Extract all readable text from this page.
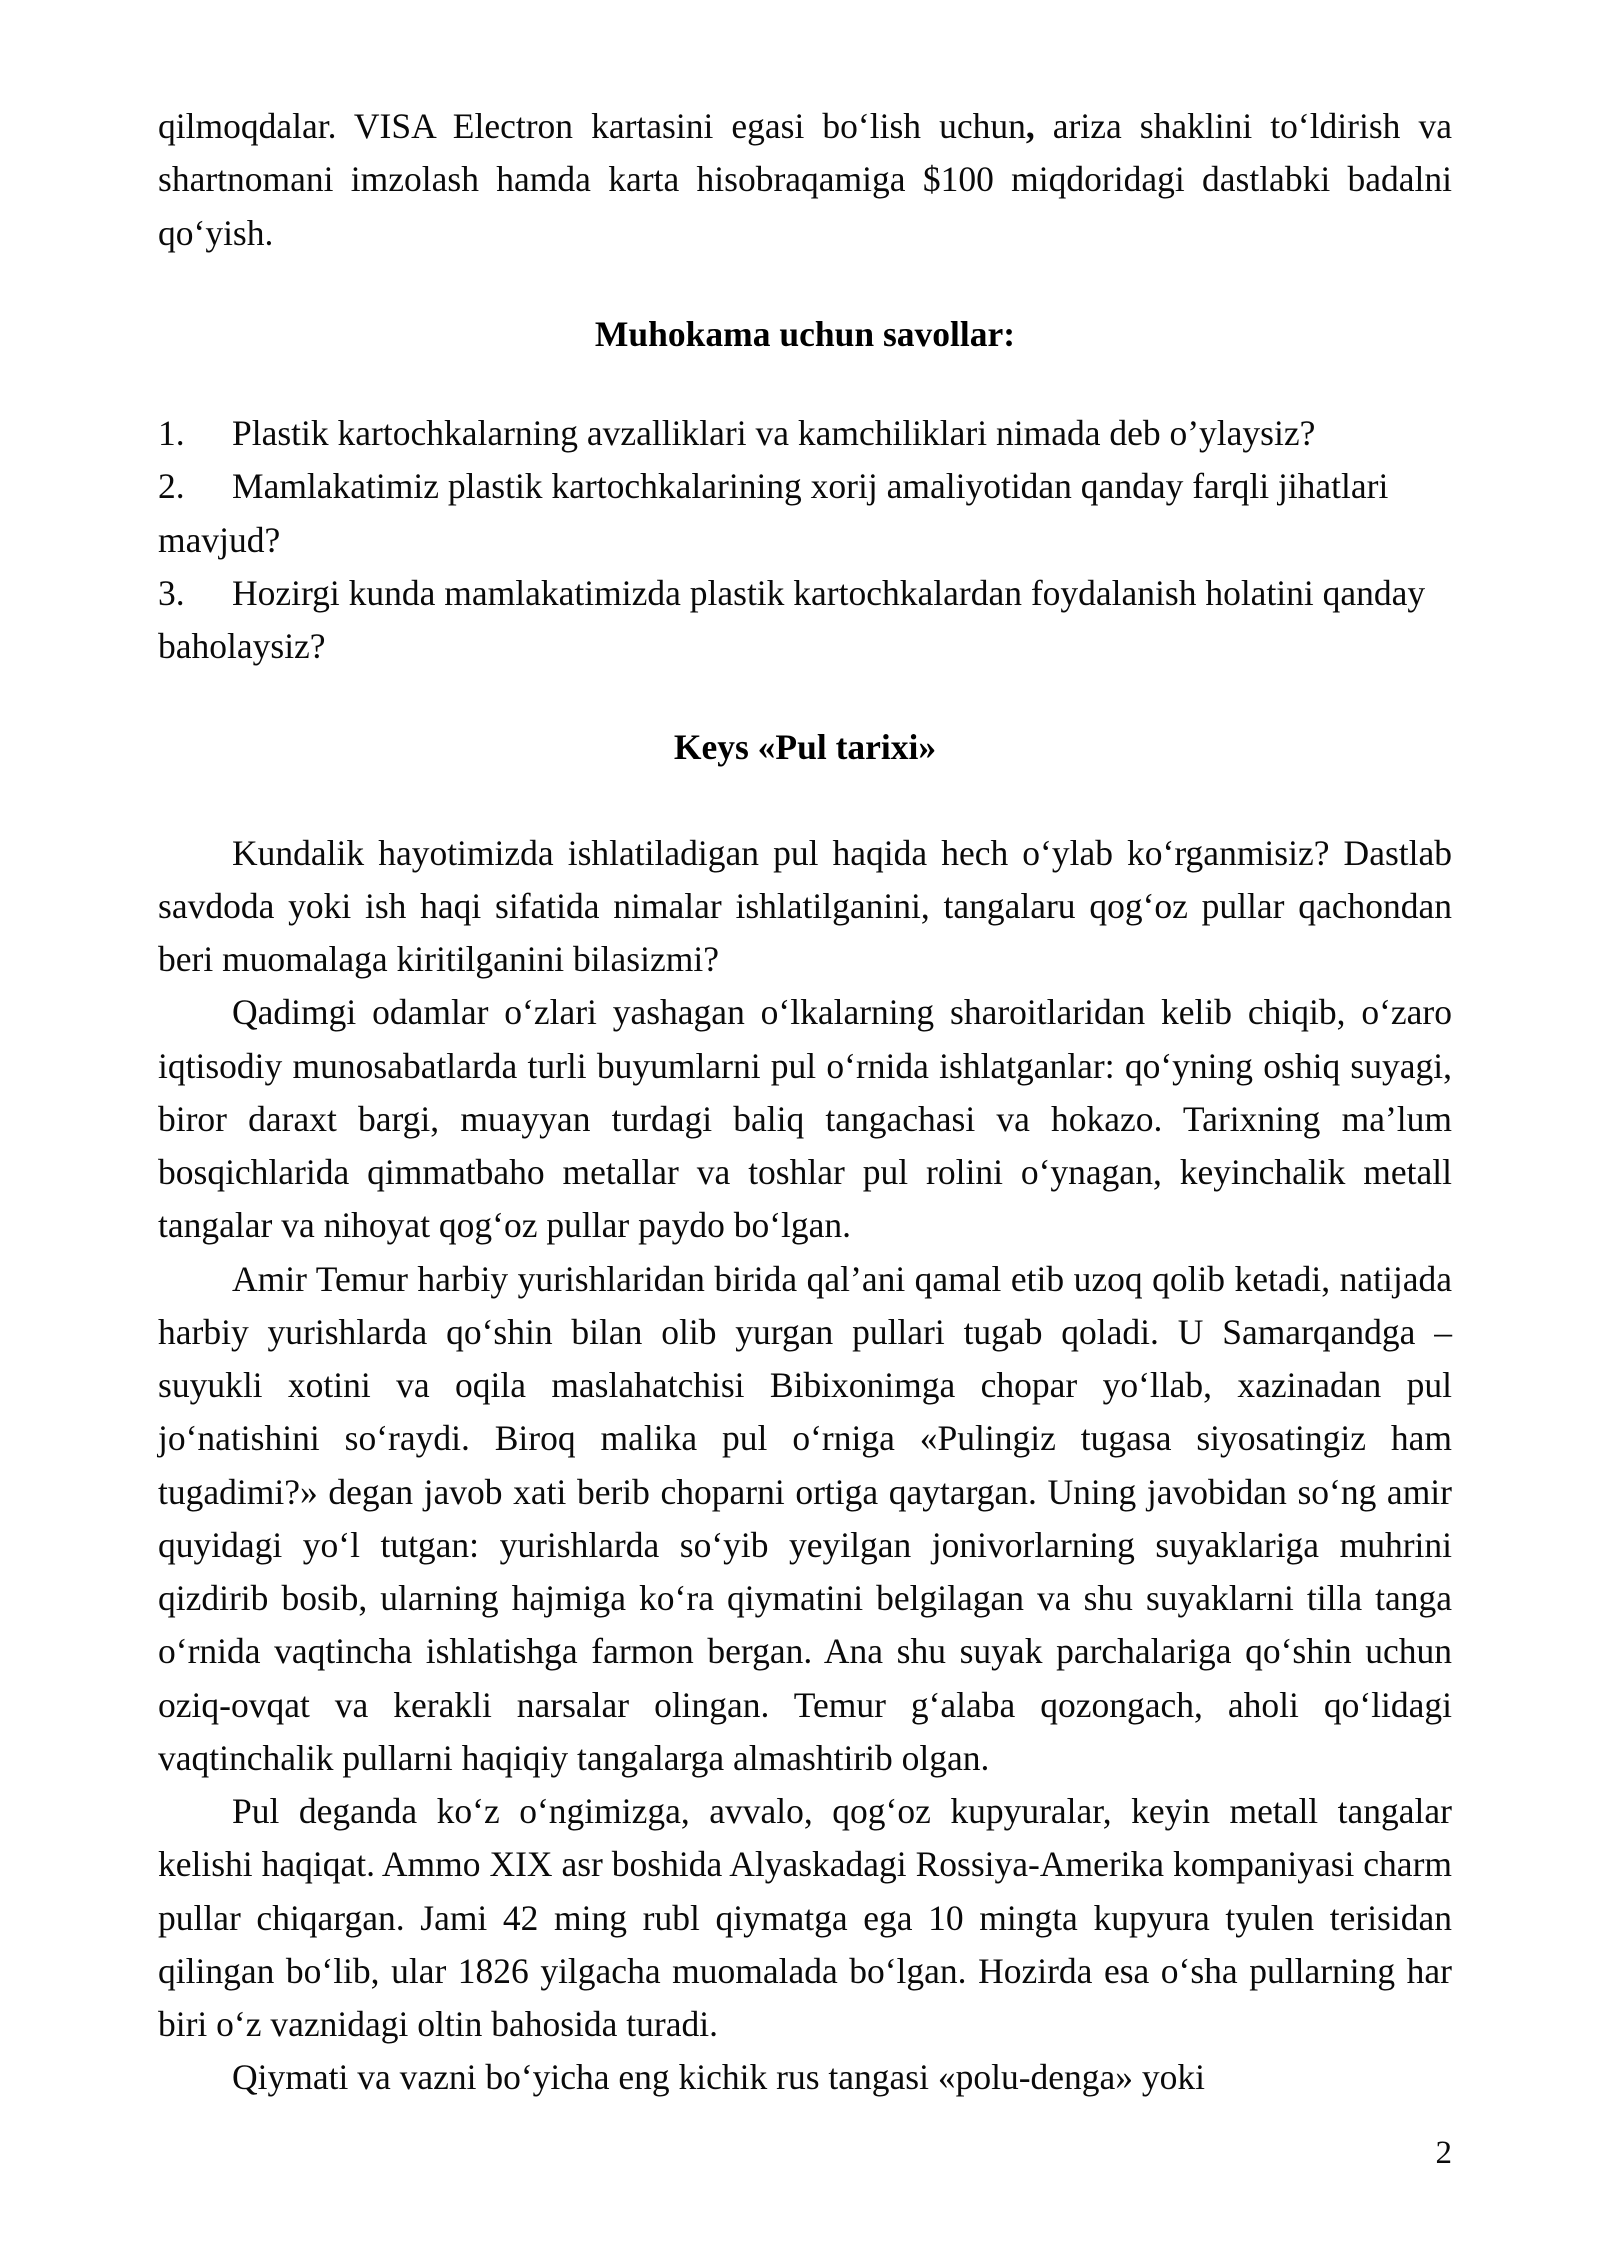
qilmoqdalar. VISA Electron kartasini egasi bo‘lish uchun, ariza shaklini to‘ldirish va shartnomani imzolash hamda karta hisobraqamiga $100 miqdoridagi dastlabki badalni qo‘yish.

Muhokama uchun savollar:

1. Plastik kartochkalarning avzalliklari va kamchiliklari nimada deb o’ylaysiz?
2. Mamlakatimiz plastik kartochkalarining xorij amaliyotidan qanday farqli jihatlari mavjud?
3. Hozirgi kunda mamlakatimizda plastik kartochkalardan foydalanish holatini qanday baholaysiz?

Keys «Pul tarixi»

Kundalik hayotimizda ishlatiladigan pul haqida hech o‘ylab ko‘rganmisiz? Dastlab savdoda yoki ish haqi sifatida nimalar ishlatilganini, tangalaru qog‘oz pullar qachondan beri muomalaga kiritilganini bilasizmi?

Qadimgi odamlar o‘zlari yashagan o‘lkalarning sharoitlaridan kelib chiqib, o‘zaro iqtisodiy munosabatlarda turli buyumlarni pul o‘rnida ishlatganlar: qo‘yning oshiq suyagi, biror daraxt bargi, muayyan turdagi baliq tangachasi va hokazo. Tarixning ma’lum bosqichlarida qimmatbaho metallar va toshlar pul rolini o‘ynagan, keyinchalik metall tangalar va nihoyat qog‘oz pullar paydo bo‘lgan.

Amir Temur harbiy yurishlaridan birida qal’ani qamal etib uzoq qolib ketadi, natijada harbiy yurishlarda qo‘shin bilan olib yurgan pullari tugab qoladi. U Samarqandga – suyukli xotini va oqila maslahatchisi Bibixonimga chopar yo‘llab, xazinadan pul jo‘natishini so‘raydi. Biroq malika pul o‘rniga «Pulingiz tugasa siyosatingiz ham tugadimi?» degan javob xati berib choparni ortiga qaytargan. Uning javobidan so‘ng amir quyidagi yo‘l tutgan: yurishlarda so‘yib yeyilgan jonivorlarning suyaklariga muhrini qizdirib bosib, ularning hajmiga ko‘ra qiymatini belgilagan va shu suyaklarni tilla tanga o‘rnida vaqtincha ishlatishga farmon bergan. Ana shu suyak parchalariga qo‘shin uchun oziq-ovqat va kerakli narsalar olingan. Temur g‘alaba qozongach, aholi qo‘lidagi vaqtinchalik pullarni haqiqiy tangalarga almashtirib olgan.

Pul deganda ko‘z o‘ngimizga, avvalo, qog‘oz kupyuralar, keyin metall tangalar kelishi haqiqat. Ammo XIX asr boshida Alyaskadagi Rossiya-Amerika kompaniyasi charm pullar chiqargan. Jami 42 ming rubl qiymatga ega 10 mingta kupyura tyulen terisidan qilingan bo‘lib, ular 1826 yilgacha muomalada bo‘lgan. Hozirda esa o‘sha pullarning har biri o‘z vaznidagi oltin bahosida turadi.

Qiymati va vazni bo‘yicha eng kichik rus tangasi «polu-denga» yoki

2
